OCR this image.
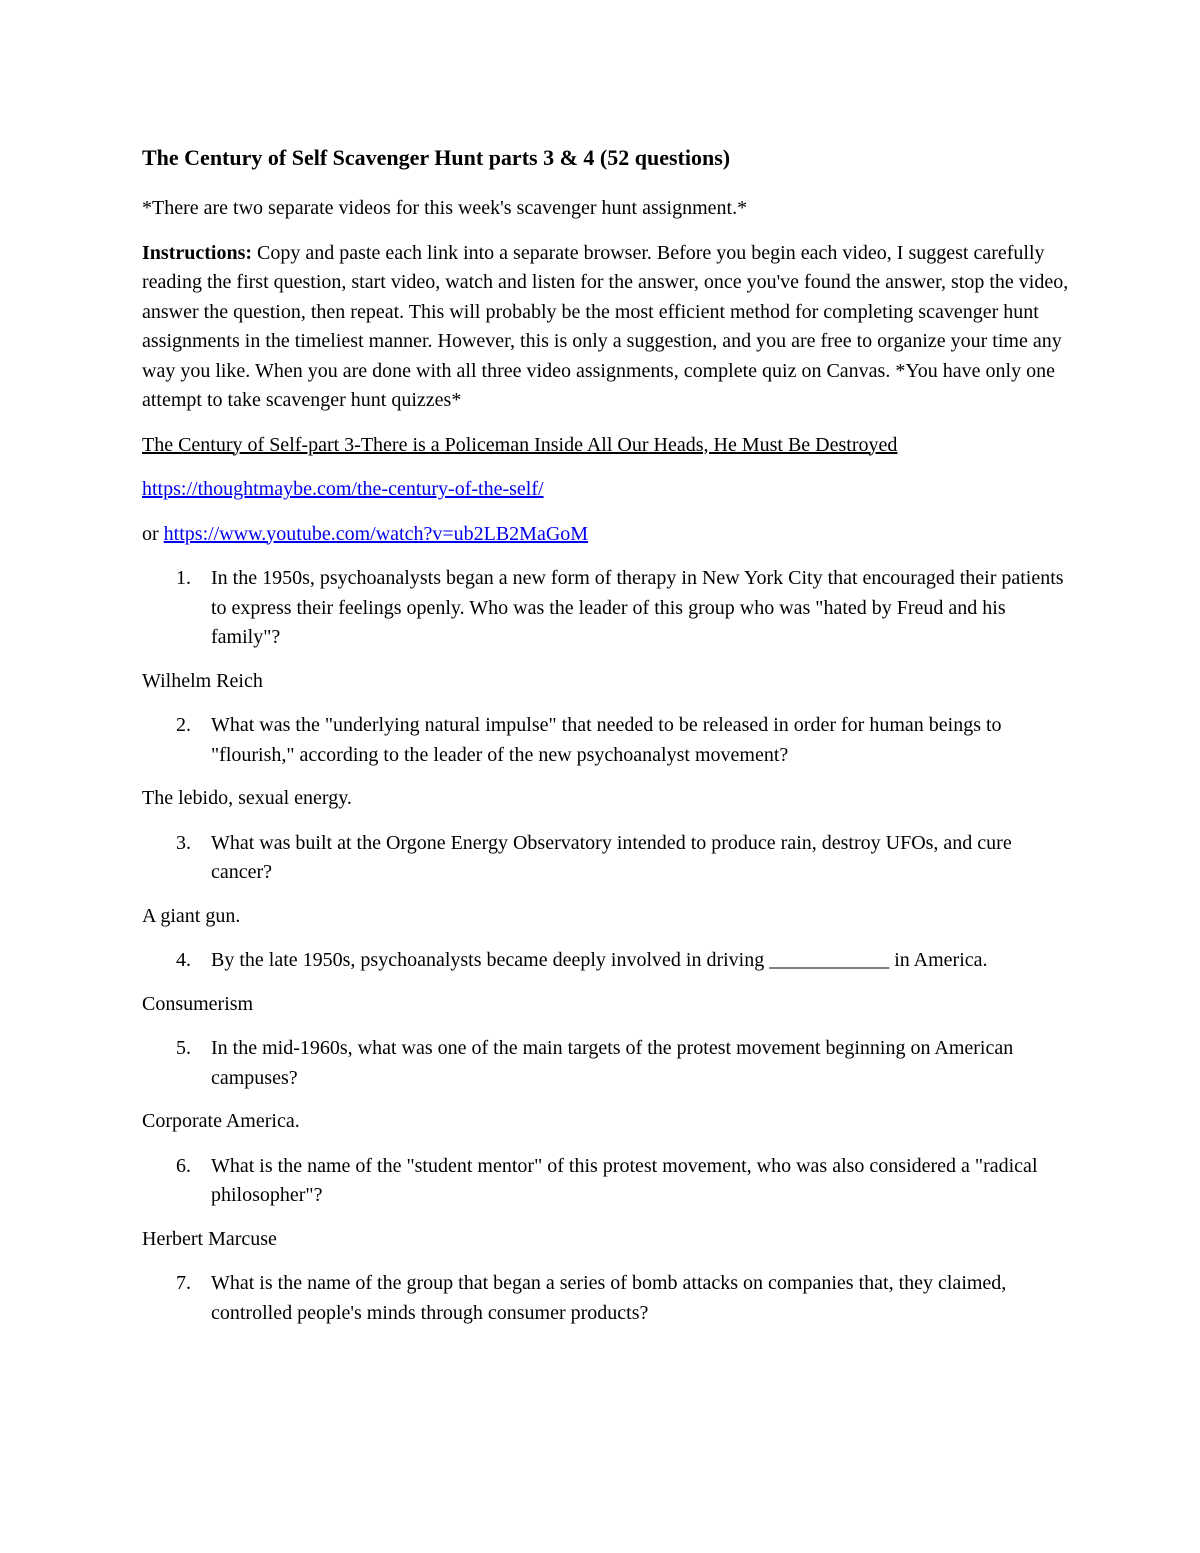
The Century of Self Scavenger Hunt parts 3 & 4 (52 questions)
*There are two separate videos for this week's scavenger hunt assignment.*
Instructions: Copy and paste each link into a separate browser. Before you begin each video, I suggest carefully reading the first question, start video, watch and listen for the answer, once you've found the answer, stop the video, answer the question, then repeat. This will probably be the most efficient method for completing scavenger hunt assignments in the timeliest manner. However, this is only a suggestion, and you are free to organize your time any way you like. When you are done with all three video assignments, complete quiz on Canvas. *You have only one attempt to take scavenger hunt quizzes*
The Century of Self-part 3-There is a Policeman Inside All Our Heads, He Must Be Destroyed
https://thoughtmaybe.com/the-century-of-the-self/
or https://www.youtube.com/watch?v=ub2LB2MaGoM
1.	In the 1950s, psychoanalysts began a new form of therapy in New York City that encouraged their patients to express their feelings openly. Who was the leader of this group who was "hated by Freud and his family"?
Wilhelm Reich
2.	What was the "underlying natural impulse" that needed to be released in order for human beings to "flourish," according to the leader of the new psychoanalyst movement?
The lebido, sexual energy.
3.	What was built at the Orgone Energy Observatory intended to produce rain, destroy UFOs, and cure cancer?
A giant gun.
4.	By the late 1950s, psychoanalysts became deeply involved in driving ____________ in America.
Consumerism
5.	In the mid-1960s, what was one of the main targets of the protest movement beginning on American campuses?
Corporate America.
6.	What is the name of the "student mentor" of this protest movement, who was also considered a "radical philosopher"?
Herbert Marcuse
7.	What is the name of the group that began a series of bomb attacks on companies that, they claimed, controlled people's minds through consumer products?
